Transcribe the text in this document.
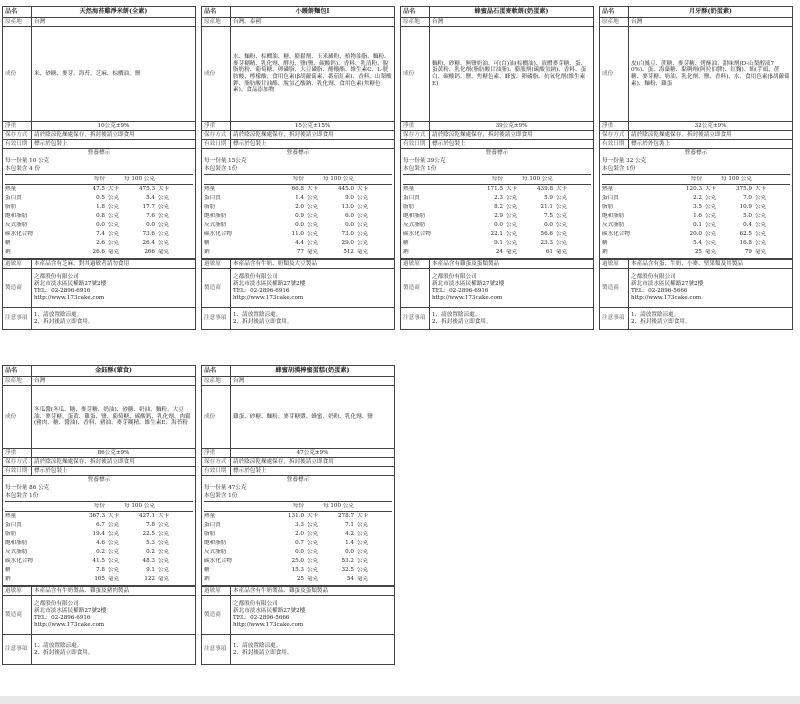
品名	天然海苔雞淨米餅(全素)
原產地	台灣
成份	米、砂糖、麥芽、海苔、芝麻、棕櫚油、鹽
淨重	10公克±9%
保存方式	請於陰涼乾燥處保存，拆封後請立即食用
有效日期	標示於包裝上
營養標示
每一份量 10 公克
本包裝含 4 份
每份	每 100 公克
熱量	47.5 大卡	475.3 大卡
蛋白質	0.5 公克	5.4 公克
脂肪	1.8 公克	17.7 公克
飽和脂肪	0.8 公克	7.6 公克
反式脂肪	0.0 公克	0.0 公克
碳水化合物	7.4 公克	73.6 公克
糖	2.6 公克	26.4 公克
鈉	26.6 毫克	266 毫克
過敏原	本產品含有芝麻，對其過敏者請勿食用
製造商	之都股份有限公司
新北市淡水區民權路27號2樓
TEL：02-2896-6916
http://www.173cake.com

注意事項	1、請放置陰涼處。
2、拆封後請立即食用。
品名	小饅餅麵包Ⅰ
原產地	台灣、泰國
成份	水、麵粉、棕櫚油、糖、膨鬆劑、玉米澱粉、植物油脂、麵粉、麥芽糊精、乳化劑、酵母、鹽(鹽、碳酸鈣)、香料、乳清粉、脫脂奶粉、葡萄糖、卵磷脂、大豆磷脂、醋酸酯、維生素C、L-胱胺酸、檸檬酸、食用色素(β胡蘿蔔素、番茄紅素)、香料、山梨酸鉀、脂肪酸甘油酯、脫氫乙酸鈉、乳化劑、食用色素(焦糖色素)、食品添加物
淨重	15公克±15%
保存方式	請於陰涼乾燥處保存，拆封後請立即食用
有效日期	標示於包裝上
營養標示
每一份量 15公克
本包裝含 1份
每份	每 100 公克
熱量	66.8 大卡	445.0 大卡
蛋白質	1.4 公克	9.0 公克
脂肪	2.0 公克	13.0 公克
飽和脂肪	0.9 公克	6.0 公克
反式脂肪	0.0 公克	0.0 公克
碳水化合物	11.0 公克	73.0 公克
糖	4.4 公克	29.0 公克
鈉	77 毫克	512 毫克
過敏原	本產品含有牛奶、奶類及大豆製品
製造商	之都股份有限公司
新北市淡水區民權路27號2樓
TEL：02-2896-6916
http://www.173cake.com

注意事項	1、請放置陰涼處。
2、拆封後請立即食用。
品名	蜂蜜晶石蛋麥軟餅(奶蛋素)
原產地	台灣
成份	麵粉、砂糖、無鹽奶油、可(白)油(棕櫚油)、液體麥芽糖、蛋、蛋黃粉、乳化劑(脂肪酸甘油脂)、膨脹劑(碳酸氫鈉)、香料、蛋白、碳酸鈣、鹽、焦糖色素、蜂蜜、卵磷脂、抗氧化劑(維生素E)
淨重	39公克±9%
保存方式	請於陰涼乾燥處保存，拆封後請立即食用
有效日期	標示於包裝上
營養標示
每一份量 39公克
本包裝含 1份
每份	每 100 公克
熱量	171.5 大卡	439.8 大卡
蛋白質	2.3 公克	5.9 公克
脂肪	8.2 公克	21.1 公克
飽和脂肪	2.9 公克	7.5 公克
反式脂肪	0.0 公克	0.0 公克
碳水化合物	22.1 公克	56.6 公克
糖	9.1 公克	23.3 公克
鈉	24 毫克	61 毫克
過敏原	本產品含有雞蛋及蛋類製品
製造商	之都股份有限公司
新北市淡水區民權路27號2樓
TEL：02-2896-6916
http://www.173cake.com

注意事項	1、請放置陰涼處。
2、拆封後請立即食用。
品名	月牙酥(奶蛋素)
原產地	台灣
成份	皮(白鳳豆、蔗糖、麥芽糖、烤酥油、甜味劑(D-山梨醇液70%)、蛋、海藻糖、黏稠劑(阿拉伯膠)、紅麴)、餡(芋頭、蔗糖、麥芽糖、奶油、乳化劑、鹽、香料)、水、食用色素(β胡蘿蔔素)、麵粉、雞蛋
淨重	32公克±9%
保存方式	請於陰涼乾燥處保存，拆封後請立即食用
有效日期	標示於外包裝上
營養標示
每一份量 32 公克
本包裝含 1份
每份	每 100 公克
熱量	120.3 大卡	375.9 大卡
蛋白質	2.2 公克	7.0 公克
脂肪	3.5 公克	10.9 公克
飽和脂肪	1.6 公克	5.0 公克
反式脂肪	0.1 公克	0.4 公克
碳水化合物	20.0 公克	62.5 公克
糖	5.4 公克	16.8 公克
鈉	25 毫克	79 毫克
過敏原	本產品含有蛋、牛奶、小麥、堅果類及其製品
製造商	之都股份有限公司
新北市淡水區民權路27號2樓
TEL：02-2896-5666
http://www.173cake.com

注意事項	1、請放置陰涼處。
2、拆封後請立即食用。
品名	金鈺酥(葷食)
原產地	台灣
成份	冬瓜醬(冬瓜、糖、麥芽糖、奶油)、砂糖、奶油、麵粉、大豆油、麥芽糖、蛋黃、雞蛋、鹽、葡萄糖、碳酸鈣、乳化劑、肉鬆(豬肉、糖、醬油)、香料、豬油、麥芽糊精、維生素E、海苔粉
淨重	86公克±9%
保存方式	請於陰涼乾燥處保存，拆封後請立即食用
有效日期	標示於包裝上
營養標示
每一份量 86 公克
本包裝含 1份
每份	每 100 公克
熱量	367.3 大卡	427.1 大卡
蛋白質	6.7 公克	7.8 公克
脂肪	19.4 公克	22.5 公克
飽和脂肪	4.6 公克	5.3 公克
反式脂肪	0.2 公克	0.2 公克
碳水化合物	41.5 公克	48.3 公克
糖	7.8 公克	9.1 公克
鈉	105 毫克	122 毫克
過敏原	本產品含有牛奶製品、雞蛋及豬肉製品
製造商	之都股份有限公司
新北市淡水區民權路27號2樓
TEL：02-2896-6916
http://www.173cake.com

注意事項	1、請放置陰涼處。
2、拆封後請立即食用。
品名	蜂蜜胡漢棒蜜蛋糕(奶蛋素)
原產地	台灣
成份	雞蛋、砂糖、麵粉、麥芽糖漿、蜂蜜、奶粉、乳化劑、鹽
淨重	47公克±9%
保存方式	請於陰涼乾燥處保存，拆封後請立即食用
有效日期	標示於包裝上
營養標示
每一份量 47公克
本包裝含 1份
每份	每 100 公克
熱量	131.0 大卡	278.7 大卡
蛋白質	3.3 公克	7.1 公克
脂肪	2.0 公克	4.2 公克
飽和脂肪	0.7 公克	1.4 公克
反式脂肪	0.0 公克	0.0 公克
碳水化合物	25.0 公克	53.2 公克
糖	15.3 公克	32.5 公克
鈉	25 毫克	54 毫克
過敏原	本產品含有牛奶製品、雞蛋及蛋類製品
製造商	之都股份有限公司
新北市淡水區民權路27號2樓
TEL：02-2896-5666
http://www.173cake.com

注意事項	1、請放置陰涼處。
2、拆封後請立即食用。
